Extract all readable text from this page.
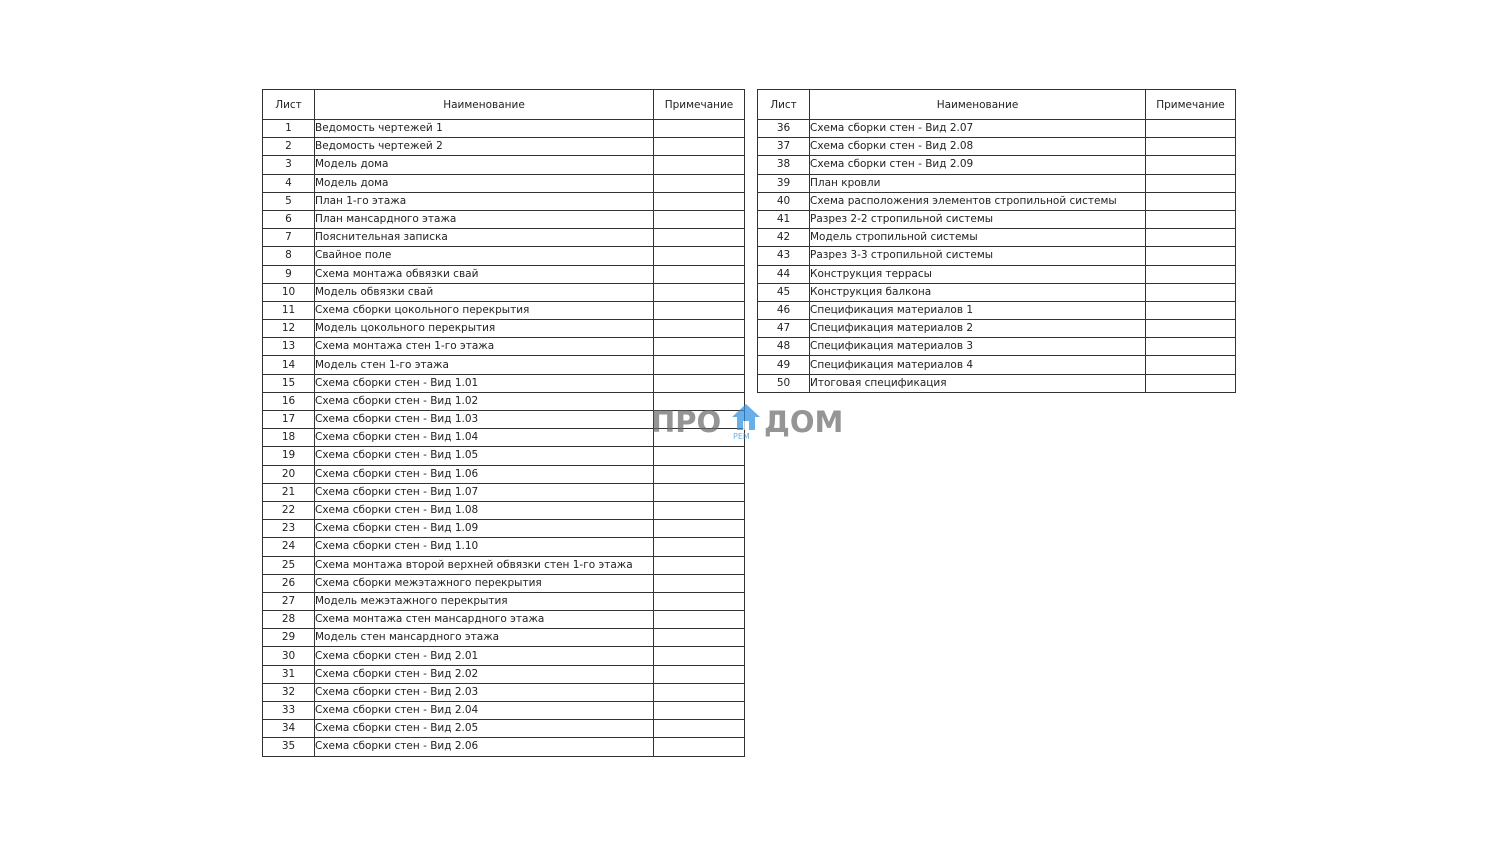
Лист	Наименование	Примечание
1	Ведомость чертежей 1	
2	Ведомость чертежей 2	
3	Модель дома	
4	Модель дома	
5	План 1-го этажа	
6	План мансардного этажа	
7	Пояснительная записка	
8	Свайное поле	
9	Схема монтажа обвязки свай	
10	Модель обвязки свай	
11	Схема сборки цокольного перекрытия	
12	Модель цокольного перекрытия	
13	Схема монтажа стен 1-го этажа	
14	Модель стен 1-го этажа	
15	Схема сборки стен - Вид 1.01	
16	Схема сборки стен - Вид 1.02	
17	Схема сборки стен - Вид 1.03	
18	Схема сборки стен - Вид 1.04	
19	Схема сборки стен - Вид 1.05	
20	Схема сборки стен - Вид 1.06	
21	Схема сборки стен - Вид 1.07	
22	Схема сборки стен - Вид 1.08	
23	Схема сборки стен - Вид 1.09	
24	Схема сборки стен - Вид 1.10	
25	Схема монтажа второй верхней обвязки стен 1-го этажа	
26	Схема сборки межэтажного перекрытия	
27	Модель межэтажного перекрытия	
28	Схема монтажа стен мансардного этажа	
29	Модель стен мансардного этажа	
30	Схема сборки стен - Вид 2.01	
31	Схема сборки стен - Вид 2.02	
32	Схема сборки стен - Вид 2.03	
33	Схема сборки стен - Вид 2.04	
34	Схема сборки стен - Вид 2.05	
35	Схема сборки стен - Вид 2.06	
Лист	Наименование	Примечание
36	Схема сборки стен - Вид 2.07	
37	Схема сборки стен - Вид 2.08	
38	Схема сборки стен - Вид 2.09	
39	План кровли	
40	Схема расположения элементов стропильной системы	
41	Разрез 2-2 стропильной системы	
42	Модель стропильной системы	
43	Разрез 3-3 стропильной системы	
44	Конструкция террасы	
45	Конструкция балкона	
46	Спецификация материалов 1	
47	Спецификация материалов 2	
48	Спецификация материалов 3	
49	Спецификация материалов 4	
50	Итоговая спецификация	
ПРО РЕМ ДОМ
